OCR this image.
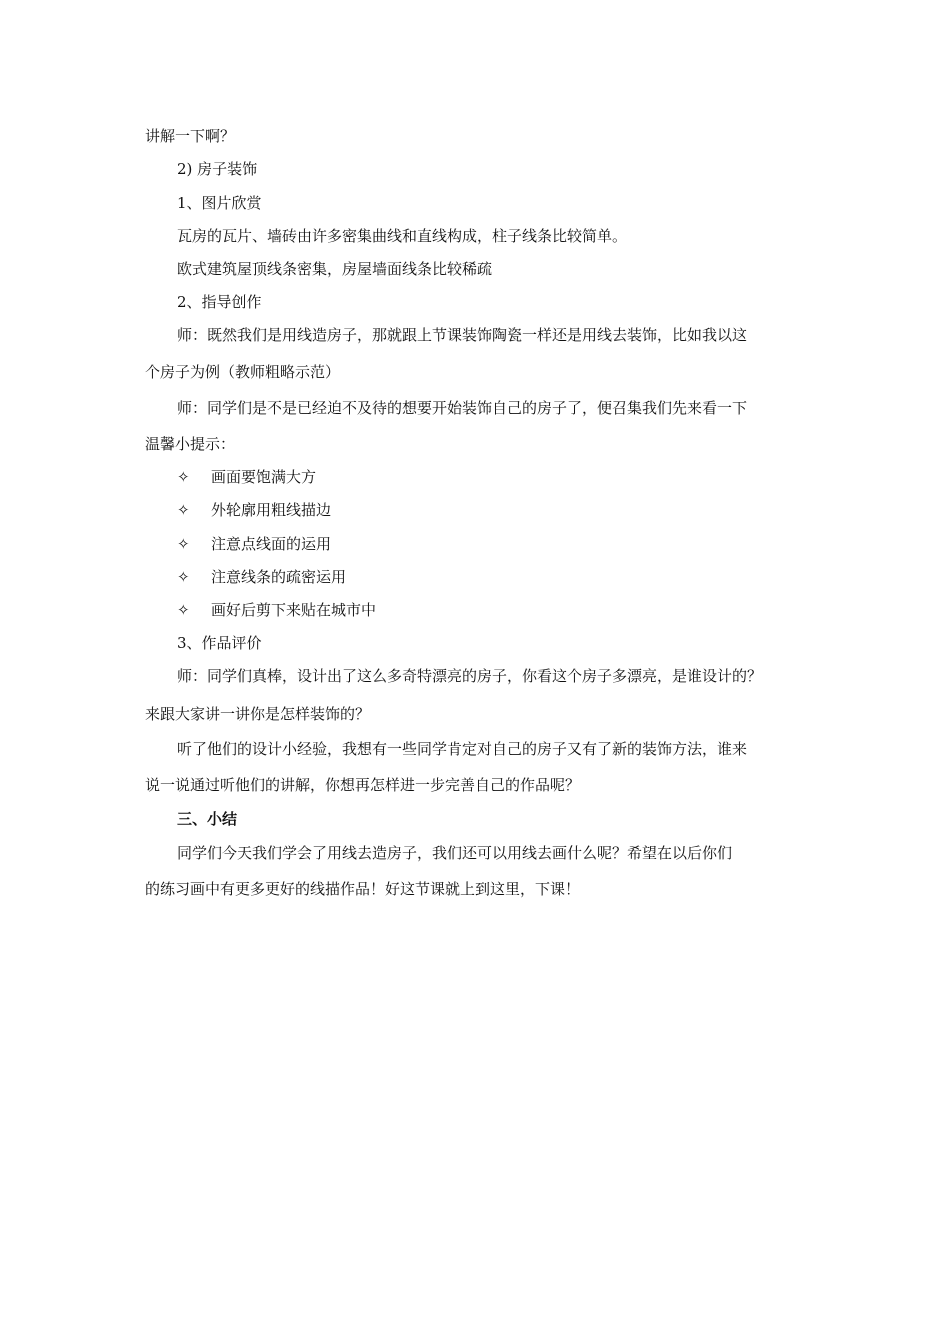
讲解一下啊？
2) 房子装饰
1、图片欣赏
瓦房的瓦片、墙砖由许多密集曲线和直线构成，柱子线条比较简单。
欧式建筑屋顶线条密集，房屋墙面线条比较稀疏
2、指导创作
师：既然我们是用线造房子，那就跟上节课装饰陶瓷一样还是用线去装饰，比如我以这
个房子为例（教师粗略示范）
师：同学们是不是已经迫不及待的想要开始装饰自己的房子了，便召集我们先来看一下
温馨小提示：
✧ 画面要饱满大方
✧ 外轮廓用粗线描边
✧ 注意点线面的运用
✧ 注意线条的疏密运用
✧ 画好后剪下来贴在城市中
3、作品评价
师：同学们真棒，设计出了这么多奇特漂亮的房子，你看这个房子多漂亮，是谁设计的？
来跟大家讲一讲你是怎样装饰的？
听了他们的设计小经验，我想有一些同学肯定对自己的房子又有了新的装饰方法，谁来
说一说通过听他们的讲解，你想再怎样进一步完善自己的作品呢？
三、小结
同学们今天我们学会了用线去造房子，我们还可以用线去画什么呢？希望在以后你们
的练习画中有更多更好的线描作品！好这节课就上到这里，下课！
